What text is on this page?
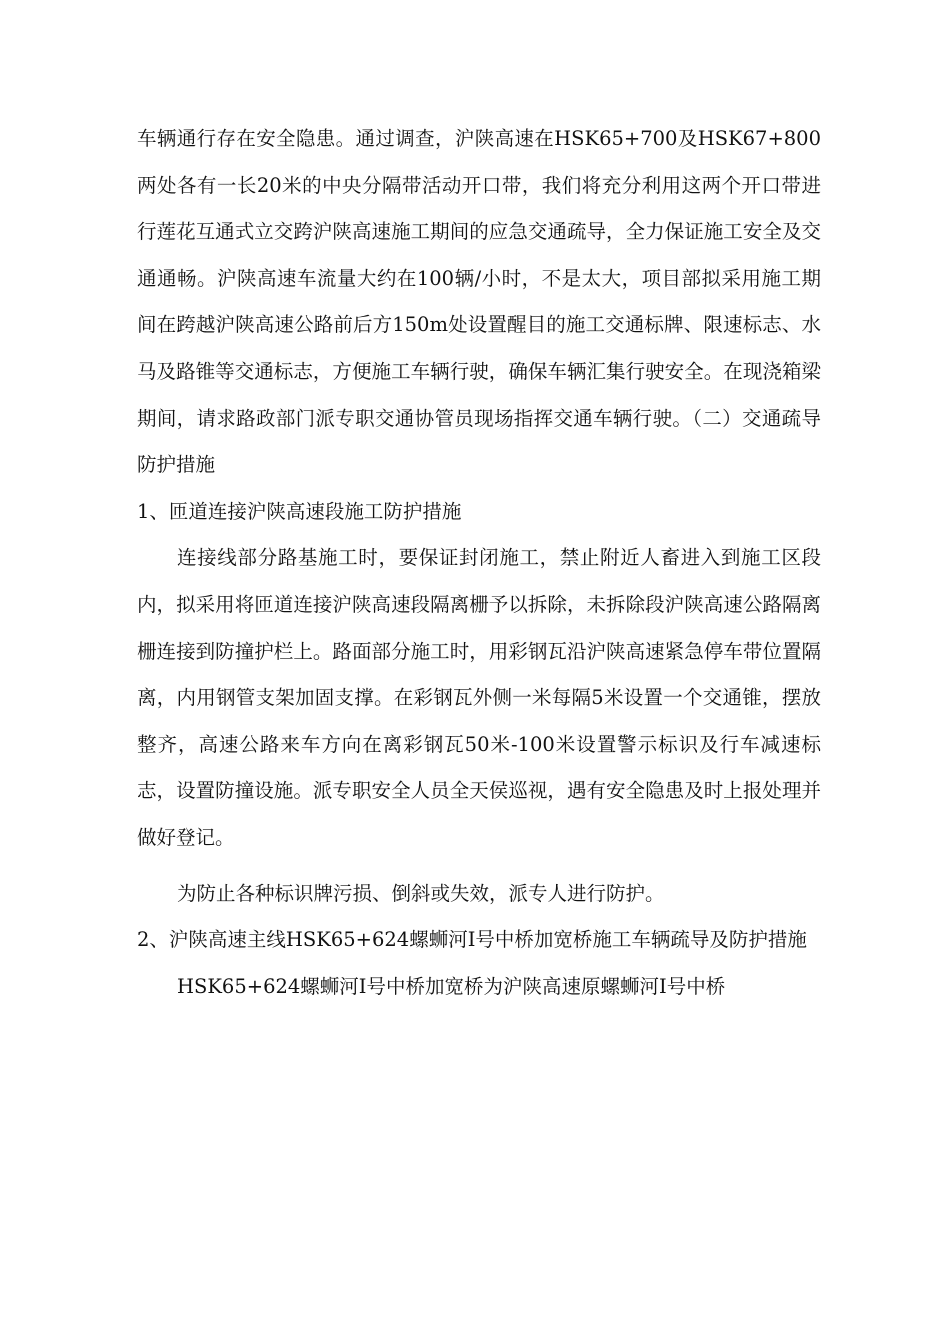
车辆通行存在安全隐患。通过调查，沪陕高速在HSK65+700及HSK67+800两处各有一长20米的中央分隔带活动开口带，我们将充分利用这两个开口带进行莲花互通式立交跨沪陕高速施工期间的应急交通疏导，全力保证施工安全及交通通畅。沪陕高速车流量大约在100辆/小时，不是太大，项目部拟采用施工期间在跨越沪陕高速公路前后方150m处设置醒目的施工交通标牌、限速标志、水马及路锥等交通标志，方便施工车辆行驶，确保车辆汇集行驶安全。在现浇箱梁期间，请求路政部门派专职交通协管员现场指挥交通车辆行驶。（二）交通疏导防护措施

1、匝道连接沪陕高速段施工防护措施

连接线部分路基施工时，要保证封闭施工，禁止附近人畜进入到施工区段内，拟采用将匝道连接沪陕高速段隔离栅予以拆除，未拆除段沪陕高速公路隔离栅连接到防撞护栏上。路面部分施工时，用彩钢瓦沿沪陕高速紧急停车带位置隔离，内用钢管支架加固支撑。在彩钢瓦外侧一米每隔5米设置一个交通锥，摆放整齐，高速公路来车方向在离彩钢瓦50米-100米设置警示标识及行车减速标志，设置防撞设施。派专职安全人员全天侯巡视，遇有安全隐患及时上报处理并做好登记。

为防止各种标识牌污损、倒斜或失效，派专人进行防护。

2、沪陕高速主线HSK65+624螺蛳河Ⅰ号中桥加宽桥施工车辆疏导及防护措施

HSK65+624螺蛳河Ⅰ号中桥加宽桥为沪陕高速原螺蛳河Ⅰ号中桥
